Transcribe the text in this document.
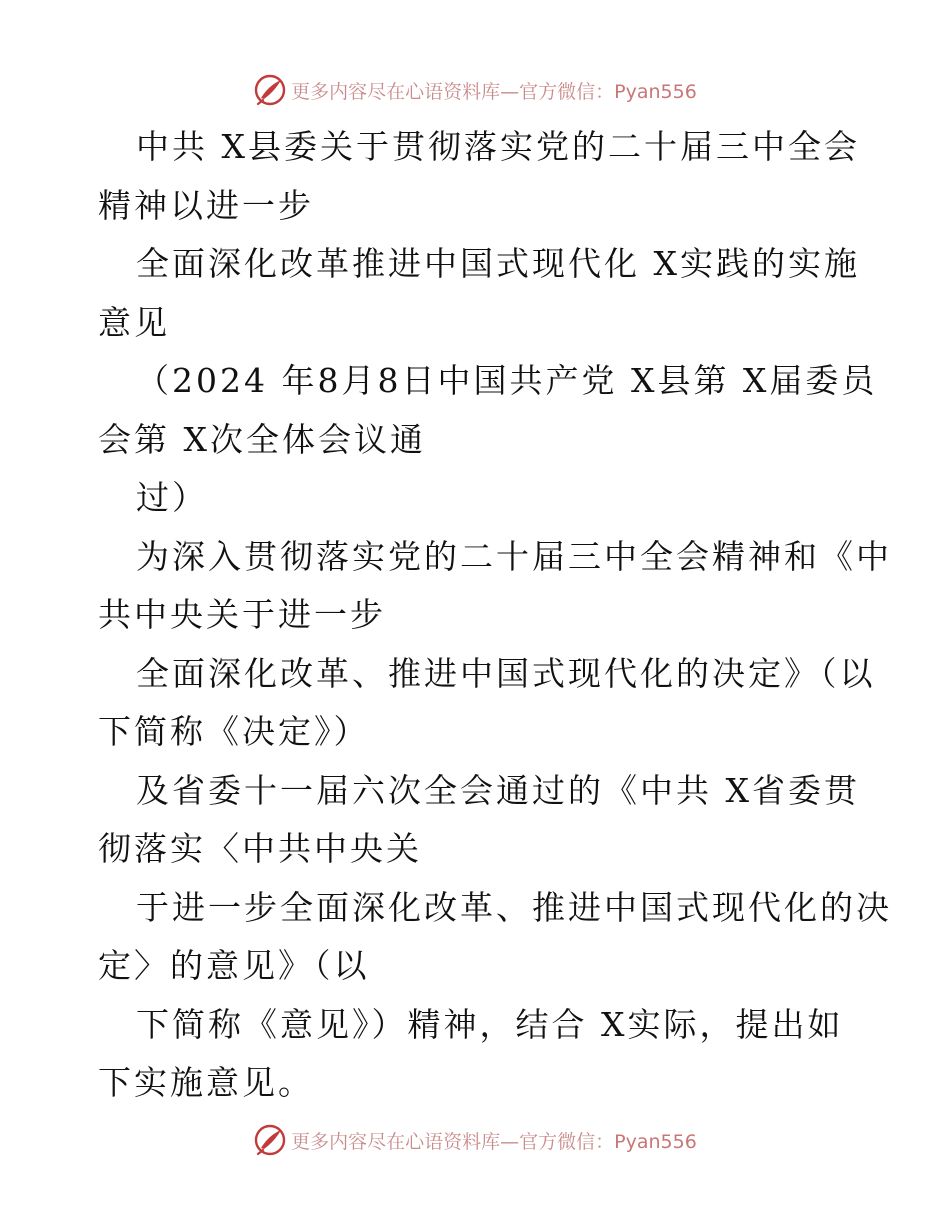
更多内容尽在心语资料库—官方微信：Pyan556

中共 X县委关于贯彻落实党的二十届三中全会
精神以进一步

全面深化改革推进中国式现代化 X实践的实施
意见

（2024 年8月8日中国共产党 X县第 X届委员
会第 X次全体会议通

过）

为深入贯彻落实党的二十届三中全会精神和《中
共中央关于进一步

全面深化改革、推进中国式现代化的决定》（以
下简称《决定》）

及省委十一届六次全会通过的《中共 X省委贯
彻落实〈中共中央关

于进一步全面深化改革、推进中国式现代化的决
定〉的意见》（以

下简称《意见》）精神，结合 X实际，提出如
下实施意见。

更多内容尽在心语资料库—官方微信：Pyan556
